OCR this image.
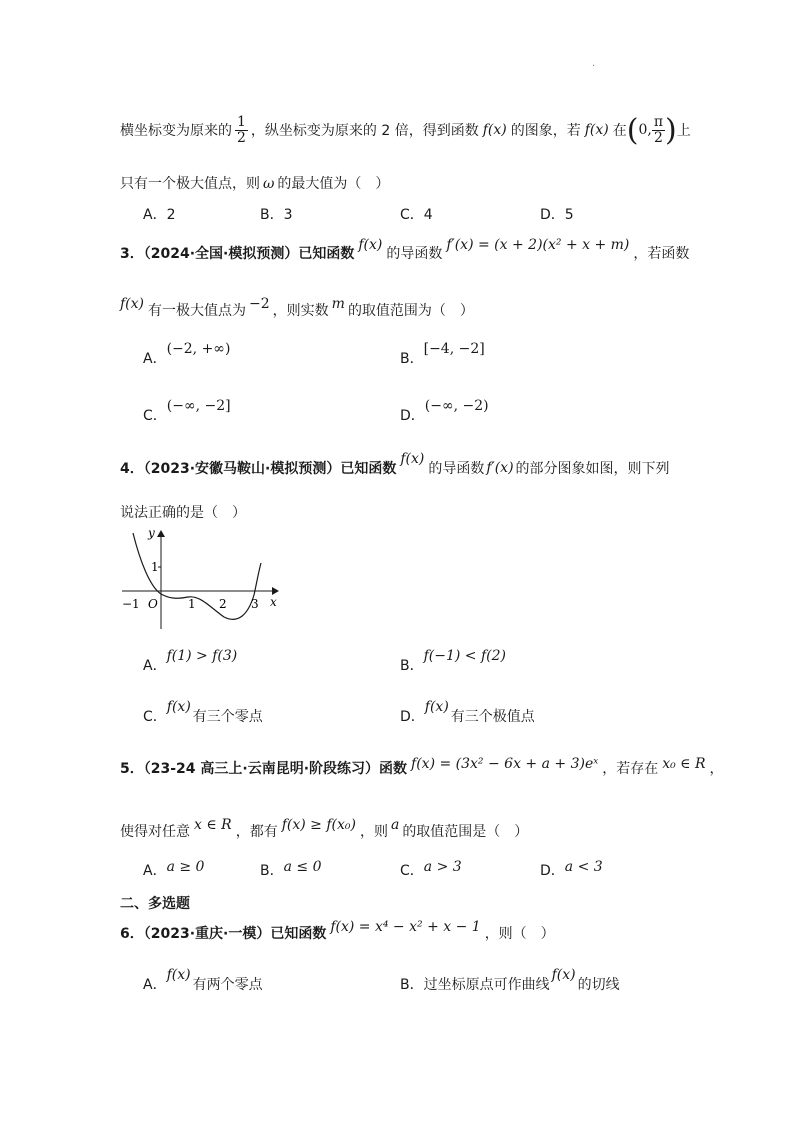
.
横坐标变为原来的 $\frac{1}{2}$ ，纵坐标变为原来的 2 倍，得到函数 f(x) 的图象，若 f(x) 在 ( 0, $\frac{\pi}{2}$ ) 上
只有一个极大值点，则 ω 的最大值为（　）
A．2	B．3	C．4	D．5
3．（2024·全国·模拟预测）已知函数
f(x)
的导函数
f′(x) = (x + 2)(x² + x + m)
，若函数
f(x) 有一极大值点为 −2 ，则实数 m 的取值范围为（　）
A．(−2, +∞)
B．[−4, −2]
C．(−∞, −2]
D．(−∞, −2)
4．（2023·安徽马鞍山·模拟预测）已知函数
f(x)
的导函数 f′(x) 的部分图象如图，则下列
说法正确的是（　）
y
x
O
−1	1 2 3
1
A．f(1) > f(3)
B．f(−1) < f(2)
C．f(x)有三个零点	D．f(x)有三个极值点
5．（23-24 高三上·云南昆明·阶段练习）函数 f(x) = (3x² − 6x + a + 3)eˣ ，若存在 x₀ ∈ R ，
使得对任意 x ∈ R ，都有 f(x) ≥ f(x₀) ，则 a 的取值范围是（　）
A．a ≥ 0	B．a ≤ 0	C．a > 3	D．a < 3
二、多选题
6．（2023·重庆·一模）已知函数 f(x) = x⁴ − x² + x − 1 ，则（　）
A．f(x)有两个零点	B．过坐标原点可作曲线f(x)的切线
